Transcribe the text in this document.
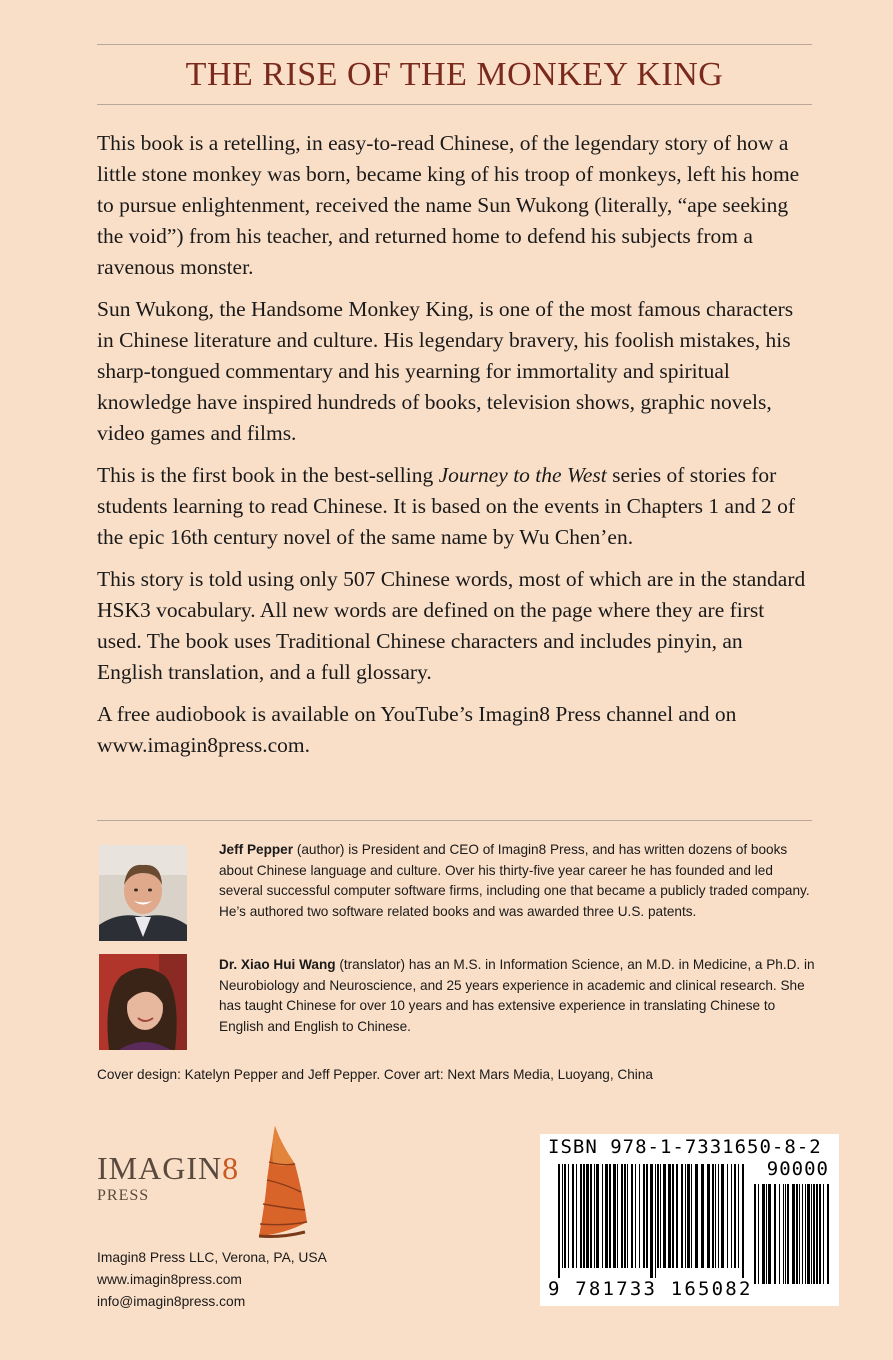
THE RISE OF THE MONKEY KING

This book is a retelling, in easy-to-read Chinese, of the legendary story of how a little stone monkey was born, became king of his troop of monkeys, left his home to pursue enlightenment, received the name Sun Wukong (literally, “ape seeking the void”) from his teacher, and returned home to defend his subjects from a ravenous monster.

Sun Wukong, the Handsome Monkey King, is one of the most famous characters in Chinese literature and culture. His legendary bravery, his foolish mistakes, his sharp-tongued commentary and his yearning for immortality and spiritual knowledge have inspired hundreds of books, television shows, graphic novels, video games and films.

This is the first book in the best-selling Journey to the West series of stories for students learning to read Chinese. It is based on the events in Chapters 1 and 2 of the epic 16th century novel of the same name by Wu Chen’en.

This story is told using only 507 Chinese words, most of which are in the standard HSK3 vocabulary. All new words are defined on the page where they are first used. The book uses Traditional Chinese characters and includes pinyin, an English translation, and a full glossary.

A free audiobook is available on YouTube’s Imagin8 Press channel and on www.imagin8press.com.

Jeff Pepper (author) is President and CEO of Imagin8 Press, and has written dozens of books about Chinese language and culture. Over his thirty-five year career he has founded and led several successful computer software firms, including one that became a publicly traded company. He’s authored two software related books and was awarded three U.S. patents.

Dr. Xiao Hui Wang (translator) has an M.S. in Information Science, an M.D. in Medicine, a Ph.D. in Neurobiology and Neuroscience, and 25 years experience in academic and clinical research. She has taught Chinese for over 10 years and has extensive experience in translating Chinese to English and English to Chinese.

Cover design: Katelyn Pepper and Jeff Pepper. Cover art: Next Mars Media, Luoyang, China

IMAGIN8

PRESS

Imagin8 Press LLC, Verona, PA, USA
www.imagin8press.com
info@imagin8press.com

ISBN 978-1-7331650-8-2

90000

9 781733 165082
